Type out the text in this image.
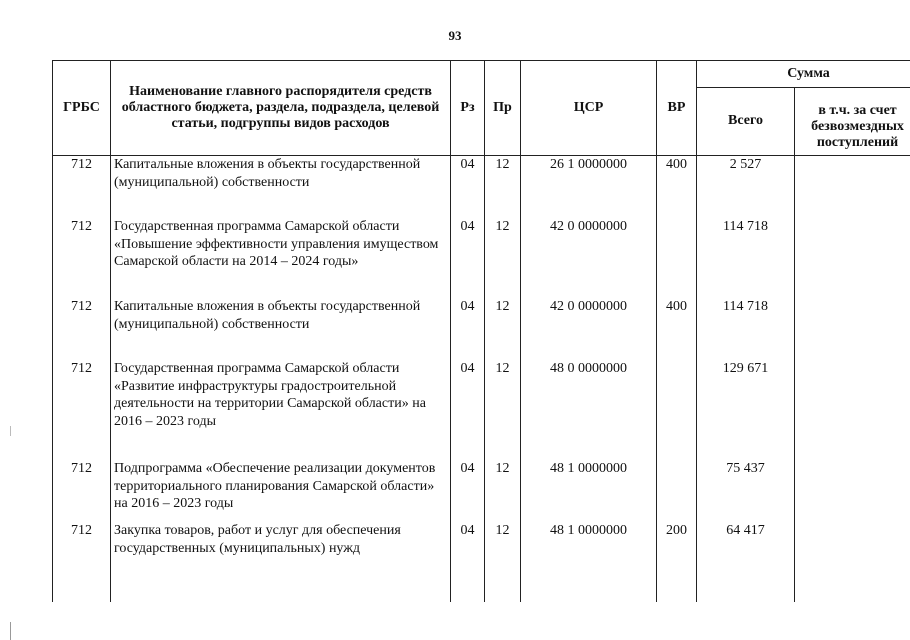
93
ГРБС	Наименование главного распорядителя средств областного бюджета, раздела, подраздела, целевой статьи, подгруппы видов расходов	Рз	Пр	ЦСР	ВР	Сумма	
						Всего	в т.ч. за счет безвозмездных поступлений
712	Капитальные вложения в объекты государственной (муниципальной) собственности	04	12	26 1 0000000	400	2 527	
712	Государственная программа Самарской области «Повышение эффективности управления имуществом Самарской области на 2014 – 2024 годы»	04	12	42 0 0000000		114 718	
712	Капитальные вложения в объекты государственной (муниципальной) собственности	04	12	42 0 0000000	400	114 718	
712	Государственная программа Самарской области «Развитие инфраструктуры градостроительной деятельности на территории Самарской области» на 2016 – 2023 годы	04	12	48 0 0000000		129 671	
712	Подпрограмма «Обеспечение реализации документов территориального планирования Самарской области» на 2016 – 2023 годы	04	12	48 1 0000000		75 437	
712	Закупка товаров, работ и услуг для обеспечения государственных (муниципальных) нужд	04	12	48 1 0000000	200	64 417	
